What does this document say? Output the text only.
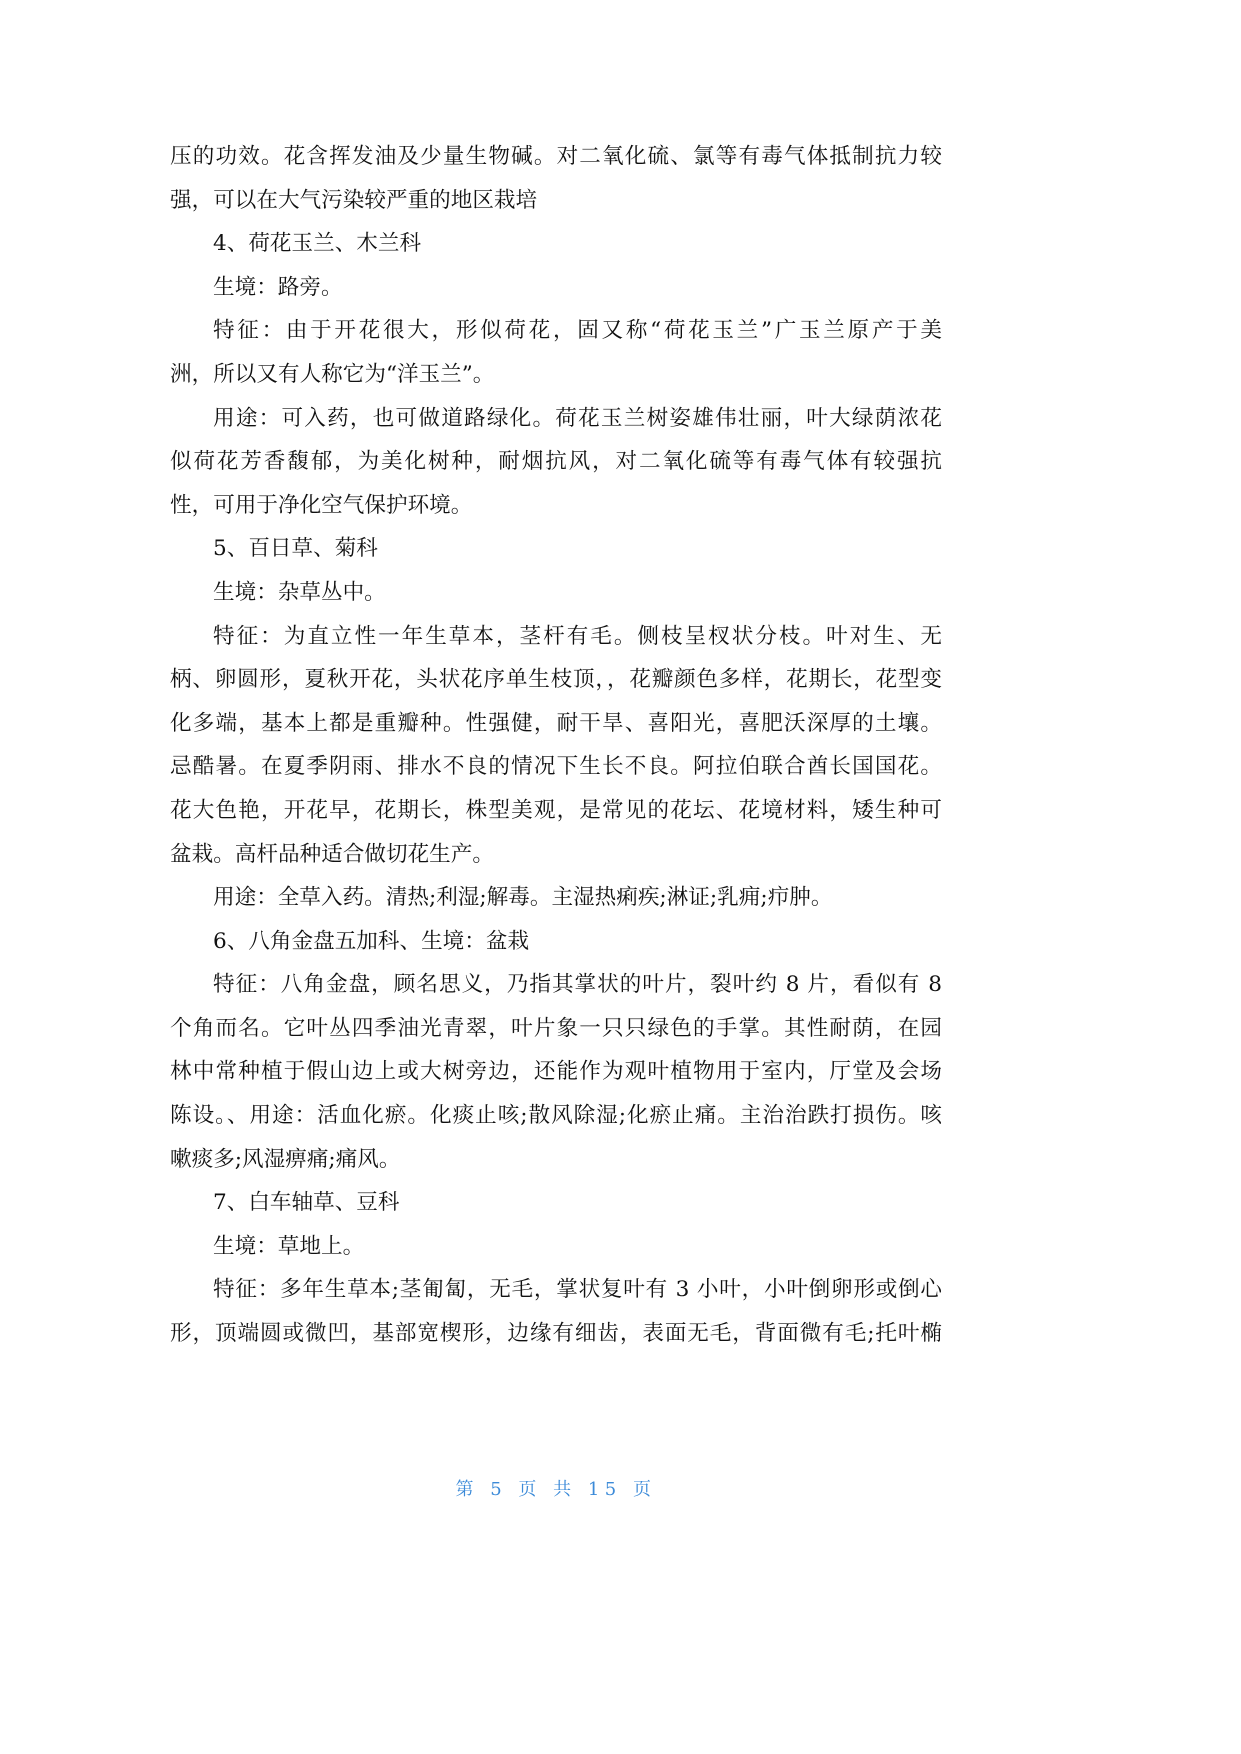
压的功效。花含挥发油及少量生物碱。对二氧化硫、氯等有毒气体抵制抗力较
强，可以在大气污染较严重的地区栽培
4、荷花玉兰、木兰科
生境：路旁。
特征：由于开花很大，形似荷花，固又称“荷花玉兰”广玉兰原产于美
洲，所以又有人称它为“洋玉兰”。
用途：可入药，也可做道路绿化。荷花玉兰树姿雄伟壮丽，叶大绿荫浓花
似荷花芳香馥郁，为美化树种，耐烟抗风，对二氧化硫等有毒气体有较强抗
性，可用于净化空气保护环境。
5、百日草、菊科
生境：杂草丛中。
特征：为直立性一年生草本，茎杆有毛。侧枝呈杈状分枝。叶对生、无
柄、卵圆形，夏秋开花，头状花序单生枝顶，，花瓣颜色多样，花期长，花型变
化多端，基本上都是重瓣种。性强健，耐干旱、喜阳光，喜肥沃深厚的土壤。
忌酷暑。在夏季阴雨、排水不良的情况下生长不良。阿拉伯联合酋长国国花。
花大色艳，开花早，花期长，株型美观，是常见的花坛、花境材料，矮生种可
盆栽。高杆品种适合做切花生产。
用途：全草入药。清热;利湿;解毒。主湿热痢疾;淋证;乳痈;疖肿。
6、八角金盘五加科、生境：盆栽
特征：八角金盘，顾名思义，乃指其掌状的叶片，裂叶约 8 片，看似有 8
个角而名。它叶丛四季油光青翠，叶片象一只只绿色的手掌。其性耐荫，在园
林中常种植于假山边上或大树旁边，还能作为观叶植物用于室内，厅堂及会场
陈设。、用途：活血化瘀。化痰止咳;散风除湿;化瘀止痛。主治治跌打损伤。咳
嗽痰多;风湿痹痛;痛风。
7、白车轴草、豆科
生境：草地上。
特征：多年生草本;茎匍匐，无毛，掌状复叶有 3 小叶，小叶倒卵形或倒心
形，顶端圆或微凹，基部宽楔形，边缘有细齿，表面无毛，背面微有毛;托叶椭
第 5 页 共 15 页
